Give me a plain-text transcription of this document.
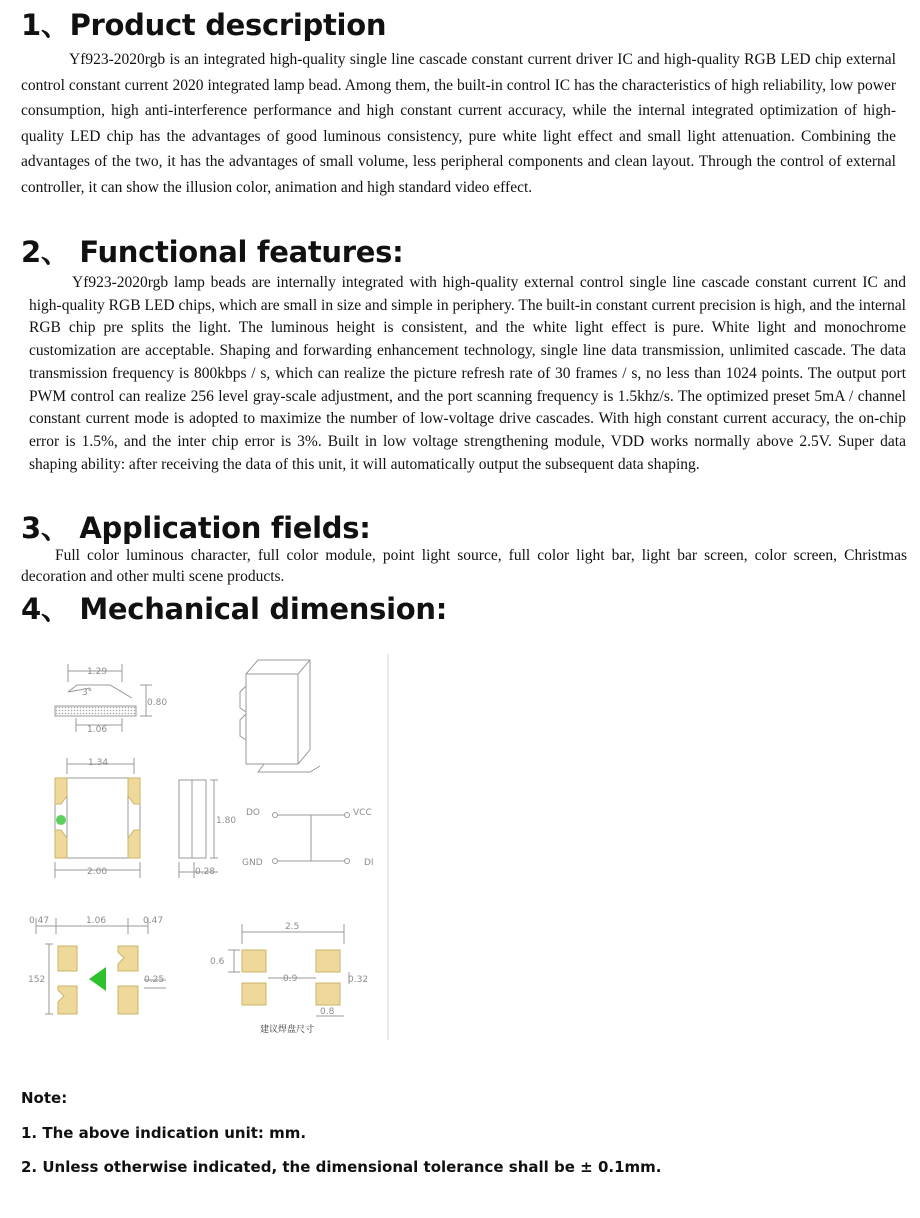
1、Product description

Yf923-2020rgb is an integrated high-quality single line cascade constant current driver IC and high-quality RGB LED chip external control constant current 2020 integrated lamp bead. Among them, the built-in control IC has the characteristics of high reliability, low power consumption, high anti-interference performance and high constant current accuracy, while the internal integrated optimization of high-quality LED chip has the advantages of good luminous consistency, pure white light effect and small light attenuation. Combining the advantages of the two, it has the advantages of small volume, less peripheral components and clean layout. Through the control of external controller, it can show the illusion color, animation and high standard video effect.

2、 Functional features:

Yf923-2020rgb lamp beads are internally integrated with high-quality external control single line cascade constant current IC and high-quality RGB LED chips, which are small in size and simple in periphery. The built-in constant current precision is high, and the internal RGB chip pre splits the light. The luminous height is consistent, and the white light effect is pure. White light and monochrome customization are acceptable. Shaping and forwarding enhancement technology, single line data transmission, unlimited cascade. The data transmission frequency is 800kbps / s, which can realize the picture refresh rate of 30 frames / s, no less than 1024 points. The output port PWM control can realize 256 level gray-scale adjustment, and the port scanning frequency is 1.5khz/s. The optimized preset 5mA / channel constant current mode is adopted to maximize the number of low-voltage drive cascades. With high constant current accuracy, the on-chip error is 1.5%, and the inter chip error is 3%. Built in low voltage strengthening module, VDD works normally above 2.5V. Super data shaping ability: after receiving the data of this unit, it will automatically output the subsequent data shaping.

3、 Application fields:

Full color luminous character, full color module, point light source, full color light bar, light bar screen, color screen, Christmas decoration and other multi scene products.

4、 Mechanical dimension:
1.29
3°
0.80
1.06
1.34
2.00
1.80
0.28
DO	VCC
GND	DI
0.47	1.06	0.47
152	0.25
2.5
0.6
0.9	0.32
0.8
建议焊盘尺寸
Note:
1. The above indication unit: mm.
2. Unless otherwise indicated, the dimensional tolerance shall be ± 0.1mm.
